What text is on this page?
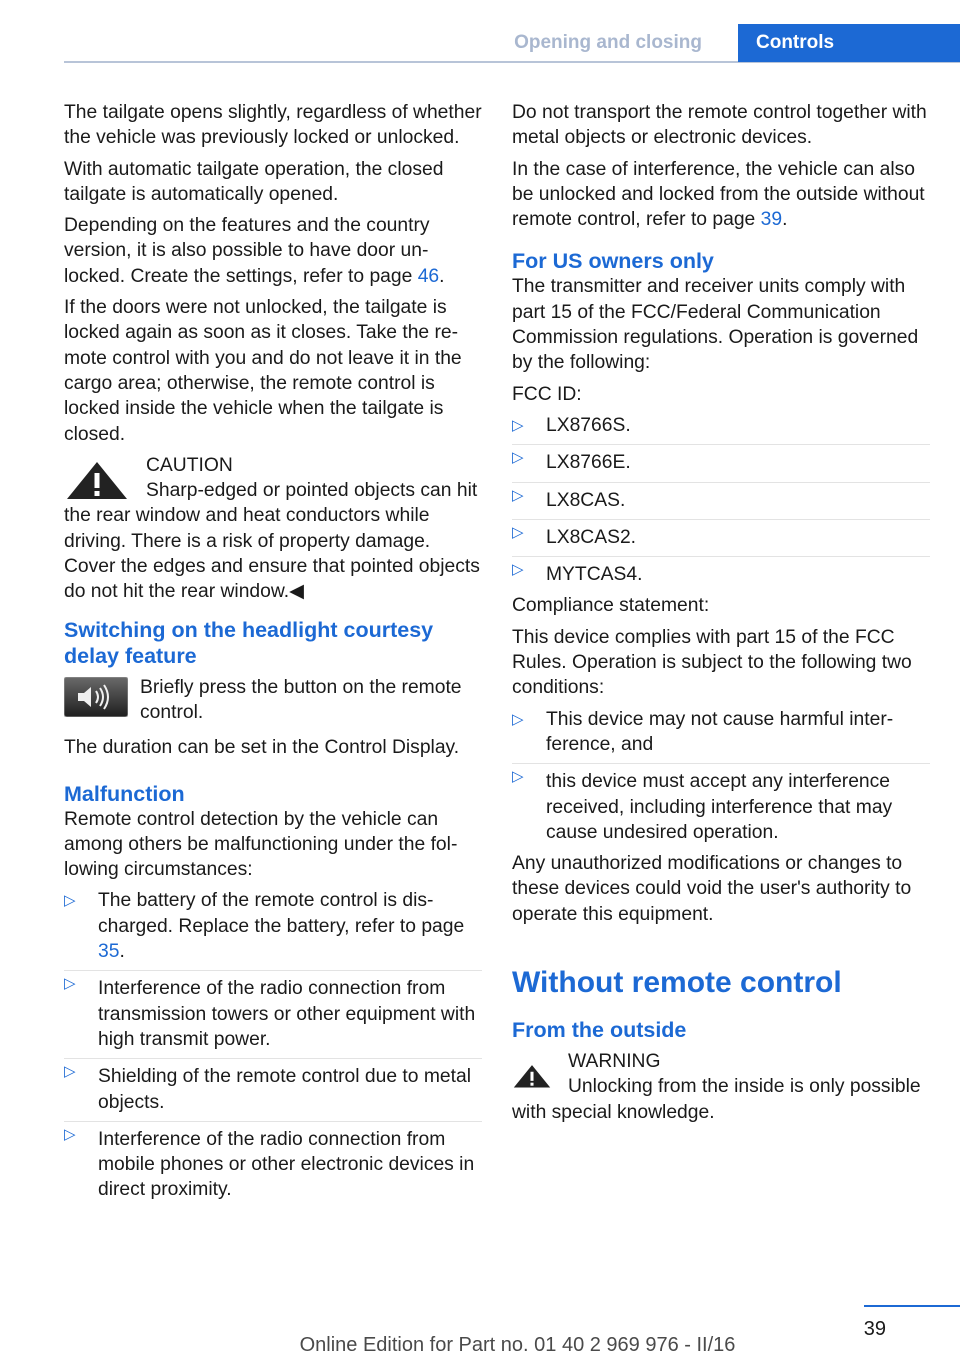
Opening and closing	Controls

The tailgate opens slightly, regardless of whether the vehicle was previously locked or unlocked.

With automatic tailgate operation, the closed tailgate is automatically opened.

Depending on the features and the country version, it is also possible to have door unlocked. Create the settings, refer to page 46.

If the doors were not unlocked, the tailgate is locked again as soon as it closes. Take the remote control with you and do not leave it in the cargo area; otherwise, the remote control is locked inside the vehicle when the tailgate is closed.

CAUTION
Sharp-edged or pointed objects can hit the rear window and heat conductors while driving. There is a risk of property damage. Cover the edges and ensure that pointed objects do not hit the rear window.◀
Switching on the headlight courtesy delay feature
Briefly press the button on the remote control.

The duration can be set in the Control Display.

Malfunction

Remote control detection by the vehicle can among others be malfunctioning under the following circumstances:

▷ The battery of the remote control is discharged. Replace the battery, refer to page 35.
▷ Interference of the radio connection from transmission towers or other equipment with high transmit power.
▷ Shielding of the remote control due to metal objects.
▷ Interference of the radio connection from mobile phones or other electronic devices in direct proximity.

Do not transport the remote control together with metal objects or electronic devices.

In the case of interference, the vehicle can also be unlocked and locked from the outside without remote control, refer to page 39.

For US owners only

The transmitter and receiver units comply with part 15 of the FCC/Federal Communication Commission regulations. Operation is governed by the following:

FCC ID:

▷ LX8766S.
▷ LX8766E.
▷ LX8CAS.
▷ LX8CAS2.
▷ MYTCAS4.

Compliance statement:

This device complies with part 15 of the FCC Rules. Operation is subject to the following two conditions:

▷ This device may not cause harmful interference, and
▷ this device must accept any interference received, including interference that may cause undesired operation.

Any unauthorized modifications or changes to these devices could void the user's authority to operate this equipment.

Without remote control
From the outside
WARNING
Unlocking from the inside is only possible with special knowledge.
39
Online Edition for Part no. 01 40 2 969 976 - II/16
